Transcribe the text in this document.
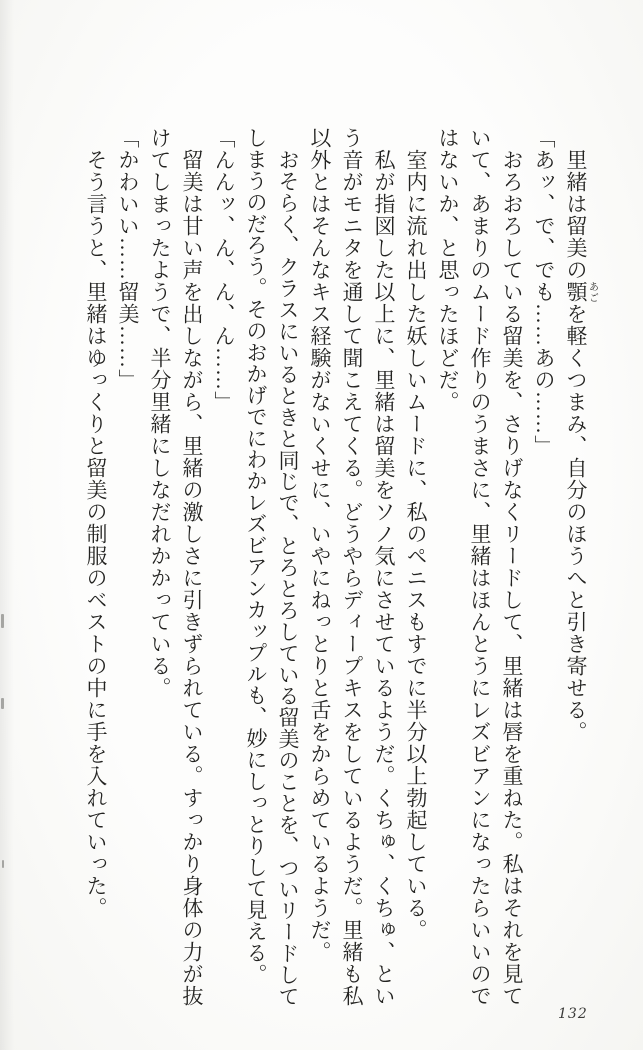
里緒は留美の顎あごを軽くつまみ、自分のほうへと引き寄せる。

「あッ、で、でも……あの……」

おろおろしている留美を、さりげなくリードして、里緒は唇を重ねた。私はそれを見ていて、あまりのムード作りのうまさに、里緒はほんとうにレズビアンになったらいいのではないか、と思ったほどだ。

室内に流れ出した妖しいムードに、私のペニスもすでに半分以上勃起している。

私が指図した以上に、里緒は留美をソノ気にさせているようだ。くちゅ、くちゅ、という音がモニタを通して聞こえてくる。どうやらディープキスをしているようだ。里緒も私以外とはそんなキス経験がないくせに、いやにねっとりと舌をからめているようだ。

おそらく、クラスにいるときと同じで、とろとろしている留美のことを、ついリードしてしまうのだろう。そのおかげでにわかレズビアンカップルも、妙にしっとりして見える。

「んんッ、ん、ん、ん……」

留美は甘い声を出しながら、里緒の激しさに引きずられている。すっかり身体の力が抜けてしまったようで、半分里緒にしなだれかかっている。

「かわいい……留美……」

そう言うと、里緒はゆっくりと留美の制服のベストの中に手を入れていった。

132
